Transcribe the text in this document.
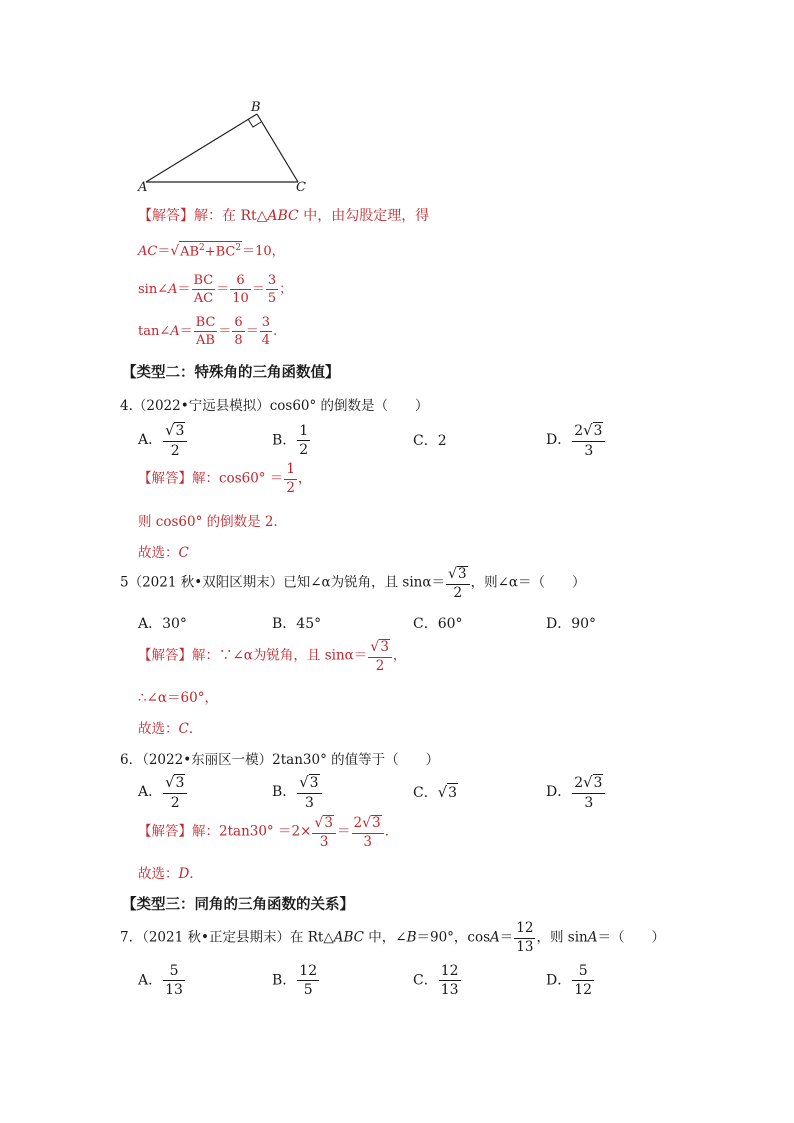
B
A	C
【解答】解：在 Rt△ABC 中，由勾股定理，得
$AC=√AB^2+BC^2=10$，
sin∠A＝ $\frac{BC}{AC} = \frac{6}{10} = \frac{3}{5}$ ；
tan∠A＝ $\frac{BC}{AB} = \frac{6}{8} = \frac{3}{4}$ .
【类型二：特殊角的三角函数值】
4.（2022•宁远县模拟）cos60° 的倒数是（　　）
A． $\frac{√3}{2}$	B． $\frac{1}{2}$	C．2	D． $\frac{2√3}{3}$
【解答】解：$\cos 60^\circ = \frac{1}{2}$ ，
则 cos60° 的倒数是 2．
故选：C
5（2021 秋•双阳区期末）已知∠α为锐角，且 $\sin\alpha= \frac{√3}{2}$ ，则∠α＝（　　）
A．30°	B．45°	C．60°	D．90°
【解答】解：∵∠α为锐角，且 $\sin\alpha= \frac{√3}{2}$ ，
∴∠α＝60°，
故选：C．
6．（2022•东丽区一模）2tan30° 的值等于（　　）
A． $\frac{√3}{2}$	B． $\frac{√3}{3}$	C．√3	D． $\frac{2√3}{3}$
【解答】解：$2\tan 30^\circ =2\times \frac{√3}{3} = \frac{2√3}{3}$ ．
故选：D．
【类型三：同角的三角函数的关系】
7．（2021 秋•正定县期末）在 Rt△ABC 中，∠B＝90°，$\cos A= \frac{12}{13}$ ，则 sinA＝（　　）
A． $\frac{5}{13}$	B． $\frac{12}{5}$	C． $\frac{12}{13}$	D． $\frac{5}{12}$
